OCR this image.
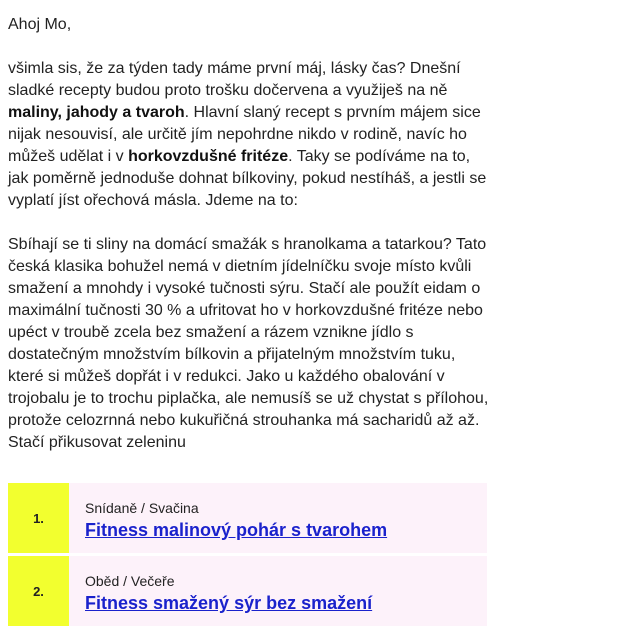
Ahoj Mo,

všimla sis, že za týden tady máme první máj, lásky čas? Dnešní sladké recepty budou proto trošku dočervena a využiješ na ně maliny, jahody a tvaroh. Hlavní slaný recept s prvním májem sice nijak nesouvisí, ale určitě jím nepohrdne nikdo v rodině, navíc ho můžeš udělat i v horkovzdušné fritéze. Taky se podíváme na to, jak poměrně jednoduše dohnat bílkoviny, pokud nestíháš, a jestli se vyplatí jíst ořechová másla. Jdeme na to:

Sbíhají se ti sliny na domácí smažák s hranolkama a tatarkou? Tato česká klasika bohužel nemá v dietním jídelníčku svoje místo kvůli smažení a mnohdy i vysoké tučnosti sýru. Stačí ale použít eidam o maximální tučnosti 30 % a ufritovat ho v horkovzdušné fritéze nebo upéct v troubě zcela bez smažení a rázem vznikne jídlo s dostatečným množstvím bílkovin a přijatelným množstvím tuku, které si můžeš dopřát i v redukci. Jako u každého obalování v trojobalu je to trochu piplačka, ale nemusíš se už chystat s přílohou, protože celozrnná nebo kukuřičná strouhanka má sacharidů až až. Stačí přikusovat zeleninu

1.
Snídaně / Svačina
Fitness malinový pohár s tvarohem
2.
Oběd / Večeře
Fitness smažený sýr bez smažení
